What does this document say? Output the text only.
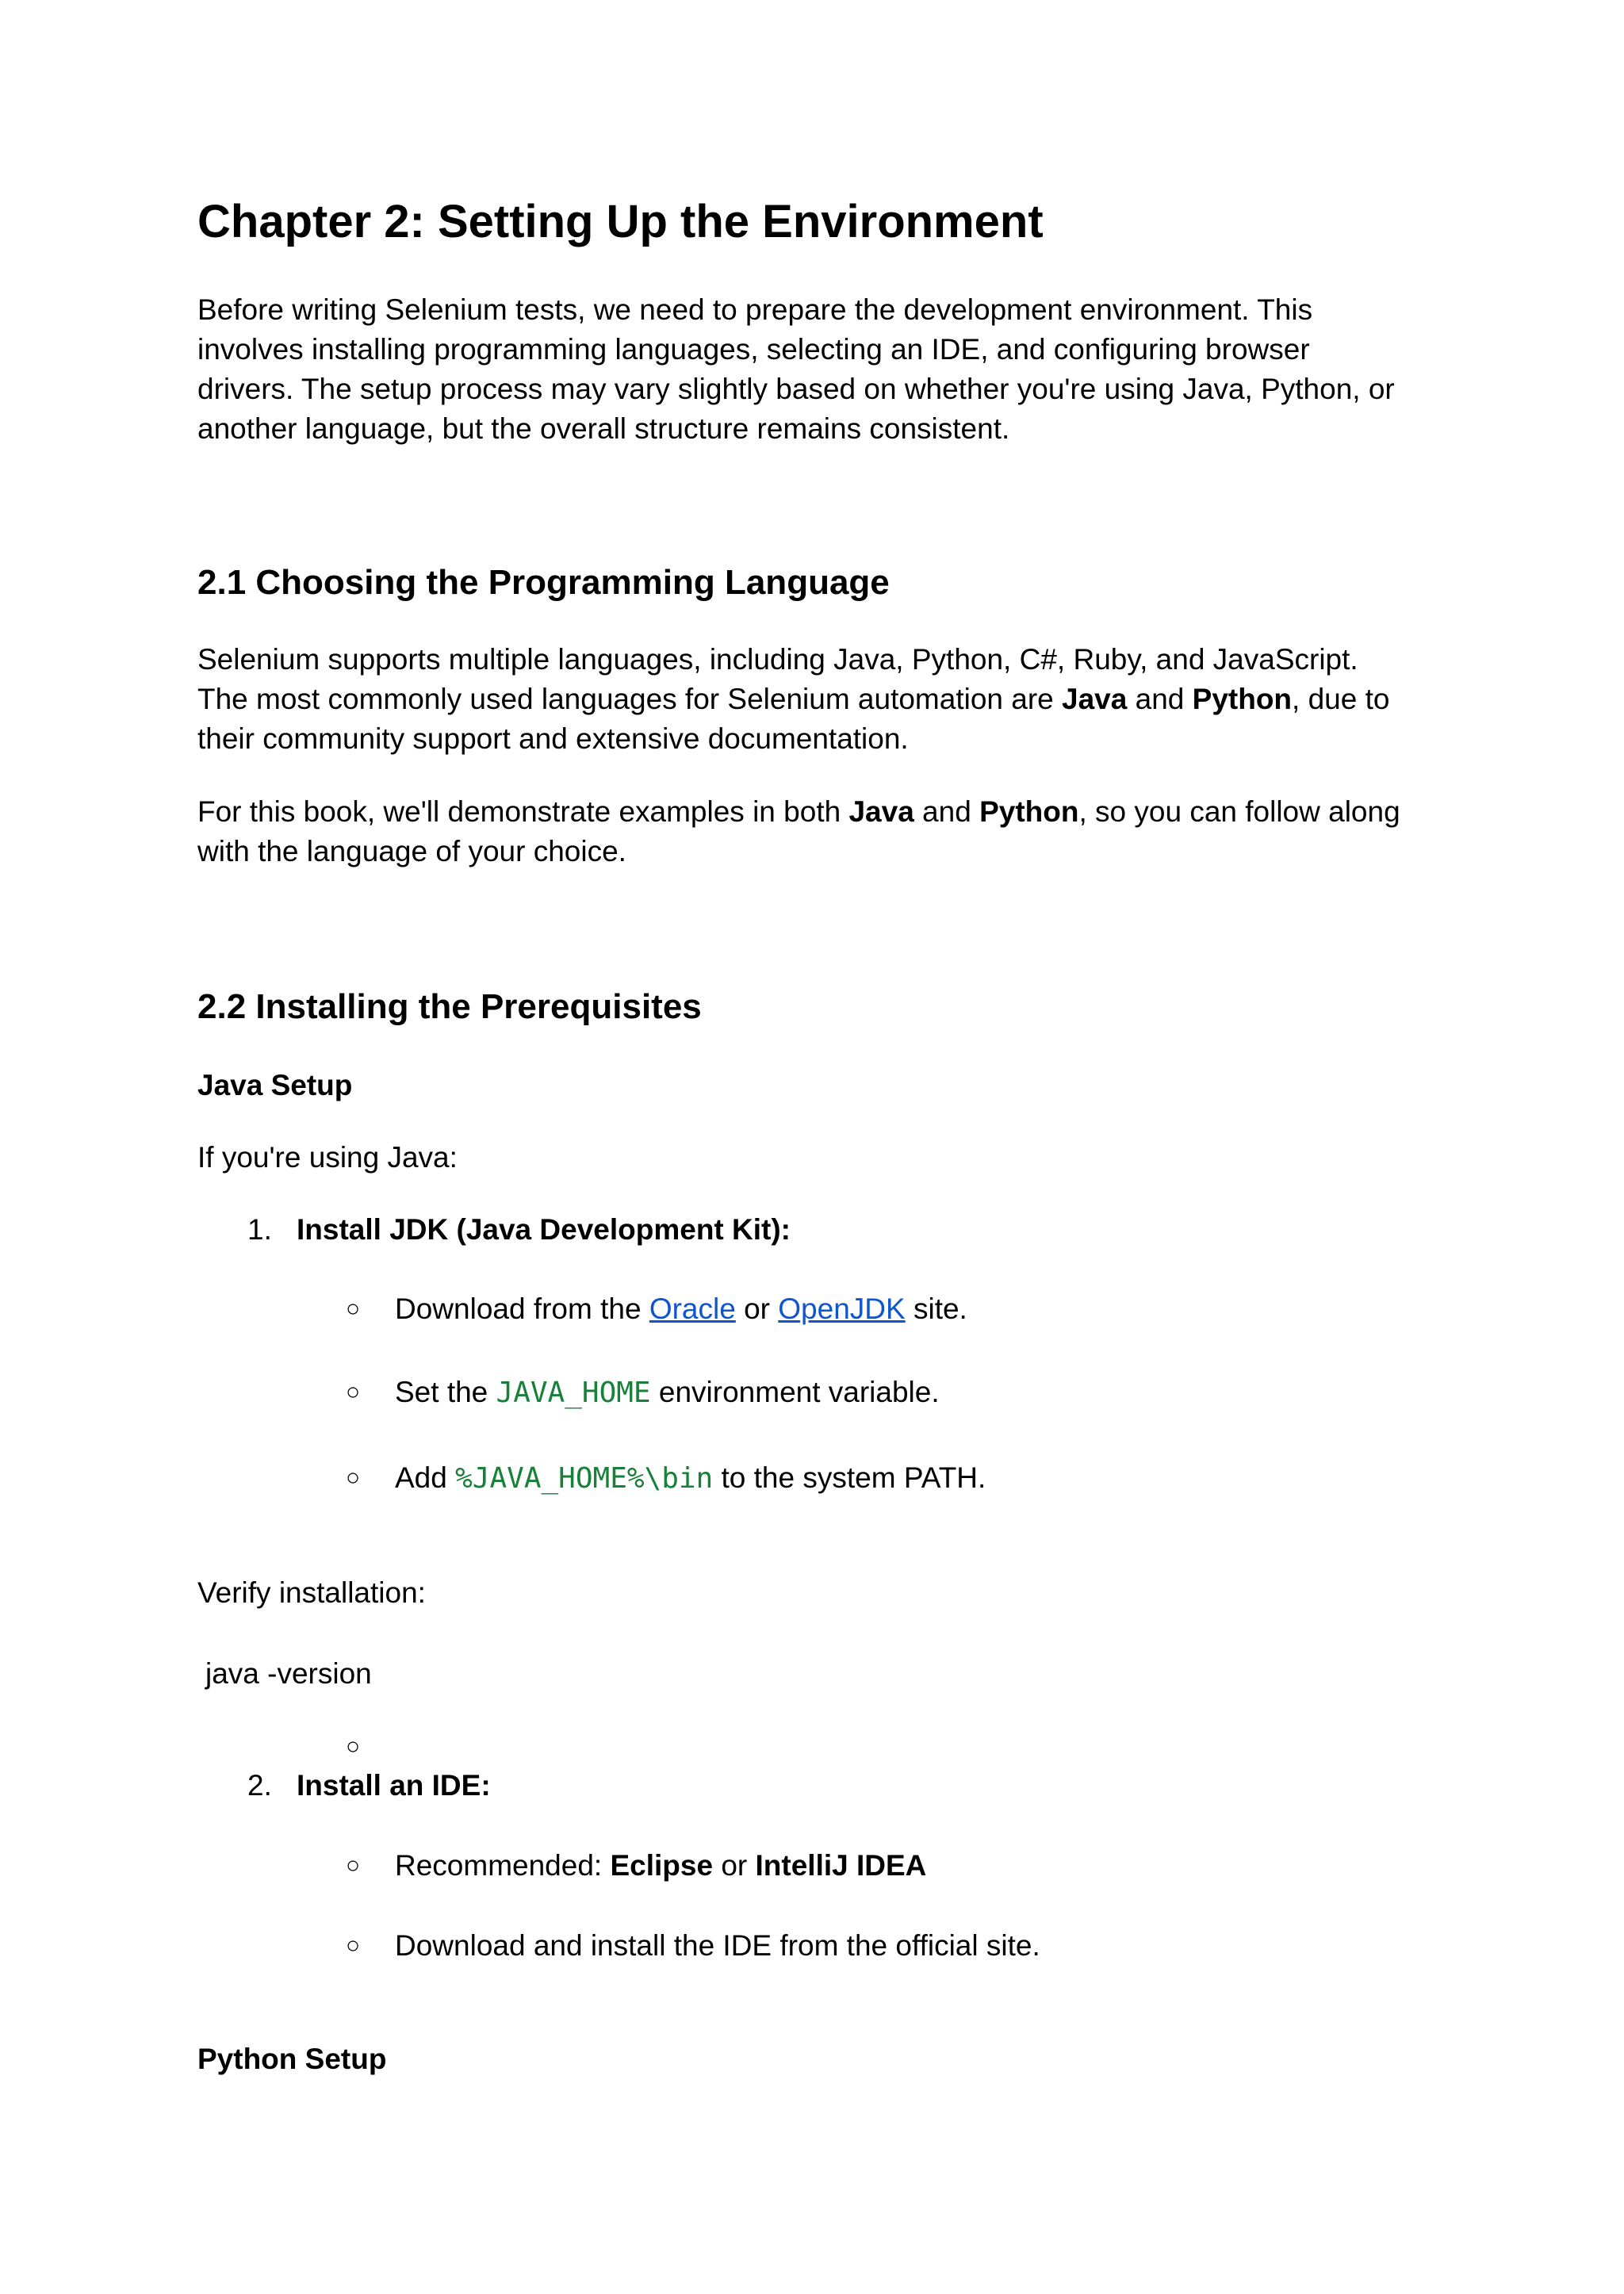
Chapter 2: Setting Up the Environment

Before writing Selenium tests, we need to prepare the development environment. This
involves installing programming languages, selecting an IDE, and configuring browser
drivers. The setup process may vary slightly based on whether you're using Java, Python, or
another language, but the overall structure remains consistent.

2.1 Choosing the Programming Language

Selenium supports multiple languages, including Java, Python, C#, Ruby, and JavaScript.
The most commonly used languages for Selenium automation are Java and Python, due to
their community support and extensive documentation.

For this book, we'll demonstrate examples in both Java and Python, so you can follow along
with the language of your choice.

2.2 Installing the Prerequisites
Java Setup
If you're using Java:
1. Install JDK (Java Development Kit):
○ Download from the Oracle or OpenJDK site.
○ Set the JAVA_HOME environment variable.
○ Add %JAVA_HOME%\bin to the system PATH.
Verify installation:
java -version
○
2. Install an IDE:
○ Recommended: Eclipse or IntelliJ IDEA
○ Download and install the IDE from the official site.
Python Setup
